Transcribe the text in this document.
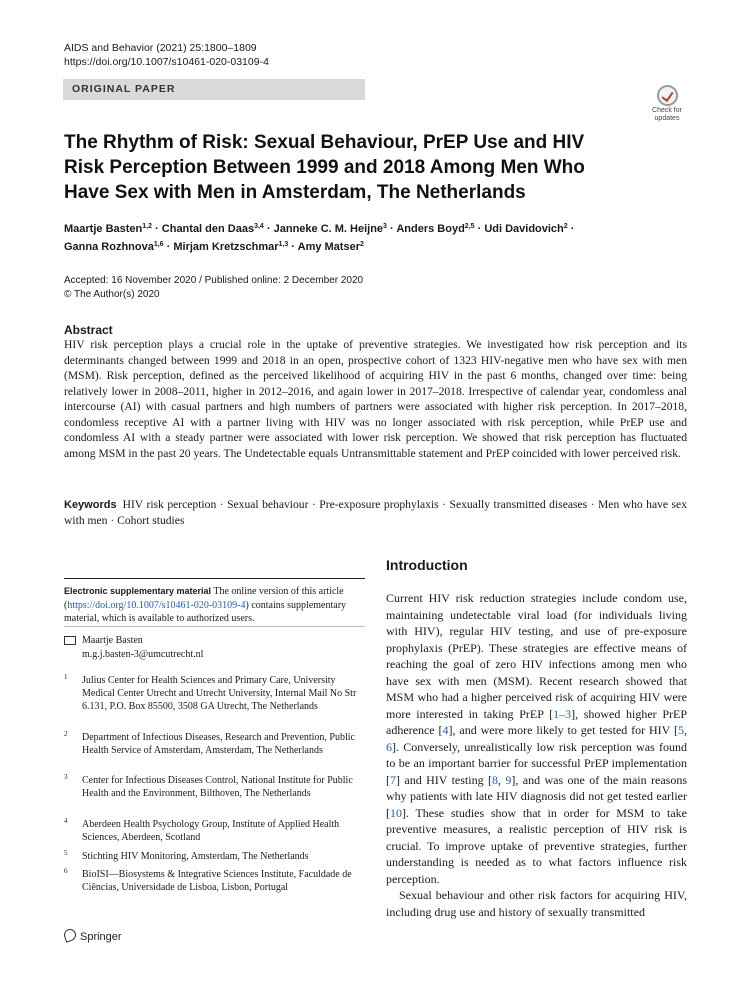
AIDS and Behavior (2021) 25:1800–1809
https://doi.org/10.1007/s10461-020-03109-4
ORIGINAL PAPER
Check for
updates
The Rhythm of Risk: Sexual Behaviour, PrEP Use and HIV Risk Perception Between 1999 and 2018 Among Men Who Have Sex with Men in Amsterdam, The Netherlands
Maartje Basten$^{1,2}$ · Chantal den Daas$^{3,4}$ · Janneke C. M. Heijne$^3$ · Anders Boyd$^{2,5}$ · Udi Davidovich$^2$ ·
Ganna Rozhnova$^{1,6}$ · Mirjam Kretzschmar$^{1,3}$ · Amy Matser$^2$
Accepted: 16 November 2020 / Published online: 2 December 2020
© The Author(s) 2020
Abstract
HIV risk perception plays a crucial role in the uptake of preventive strategies. We investigated how risk perception and its determinants changed between 1999 and 2018 in an open, prospective cohort of 1323 HIV-negative men who have sex with men (MSM). Risk perception, defined as the perceived likelihood of acquiring HIV in the past 6 months, changed over time: being relatively lower in 2008–2011, higher in 2012–2016, and again lower in 2017–2018. Irrespective of calendar year, condomless anal intercourse (AI) with casual partners and high numbers of partners were associated with higher risk perception. In 2017–2018, condomless receptive AI with a partner living with HIV was no longer associated with risk perception, while PrEP use and condomless AI with a steady partner were associated with lower risk perception. We showed that risk perception has fluctuated among MSM in the past 20 years. The Undetectable equals Untransmittable statement and PrEP coincided with lower perceived risk.
Keywords HIV risk perception · Sexual behaviour · Pre-exposure prophylaxis · Sexually transmitted diseases · Men who have sex with men · Cohort studies
Electronic supplementary material The online version of this article (https://doi.org/10.1007/s10461-020-03109-4) contains supplementary material, which is available to authorized users.
Maartje Basten
m.g.j.basten-3@umcutrecht.nl
1 Julius Center for Health Sciences and Primary Care, University Medical Center Utrecht and Utrecht University, Internal Mail No Str 6.131, P.O. Box 85500, 3508 GA Utrecht, The Netherlands
2 Department of Infectious Diseases, Research and Prevention, Public Health Service of Amsterdam, Amsterdam, The Netherlands
3 Center for Infectious Diseases Control, National Institute for Public Health and the Environment, Bilthoven, The Netherlands
4 Aberdeen Health Psychology Group, Institute of Applied Health Sciences, Aberdeen, Scotland
5 Stichting HIV Monitoring, Amsterdam, The Netherlands
6 BioISI—Biosystems & Integrative Sciences Institute, Faculdade de Ciências, Universidade de Lisboa, Lisbon, Portugal
Introduction

Current HIV risk reduction strategies include condom use, maintaining undetectable viral load (for individuals living with HIV), regular HIV testing, and use of pre-exposure prophylaxis (PrEP). These strategies are effective means of reaching the goal of zero HIV infections among men who have sex with men (MSM). Recent research showed that MSM who had a higher perceived risk of acquiring HIV were more interested in taking PrEP [1–3], showed higher PrEP adherence [4], and were more likely to get tested for HIV [5, 6]. Conversely, unrealistically low risk perception was found to be an important barrier for successful PrEP implementation [7] and HIV testing [8, 9], and was one of the main reasons why patients with late HIV diagnosis did not get tested earlier [10]. These studies show that in order for MSM to take preventive measures, a realistic perception of HIV risk is crucial. To improve uptake of preventive strategies, further understanding is needed as to what factors influence risk perception.

Sexual behaviour and other risk factors for acquiring HIV, including drug use and history of sexually transmitted

Springer
